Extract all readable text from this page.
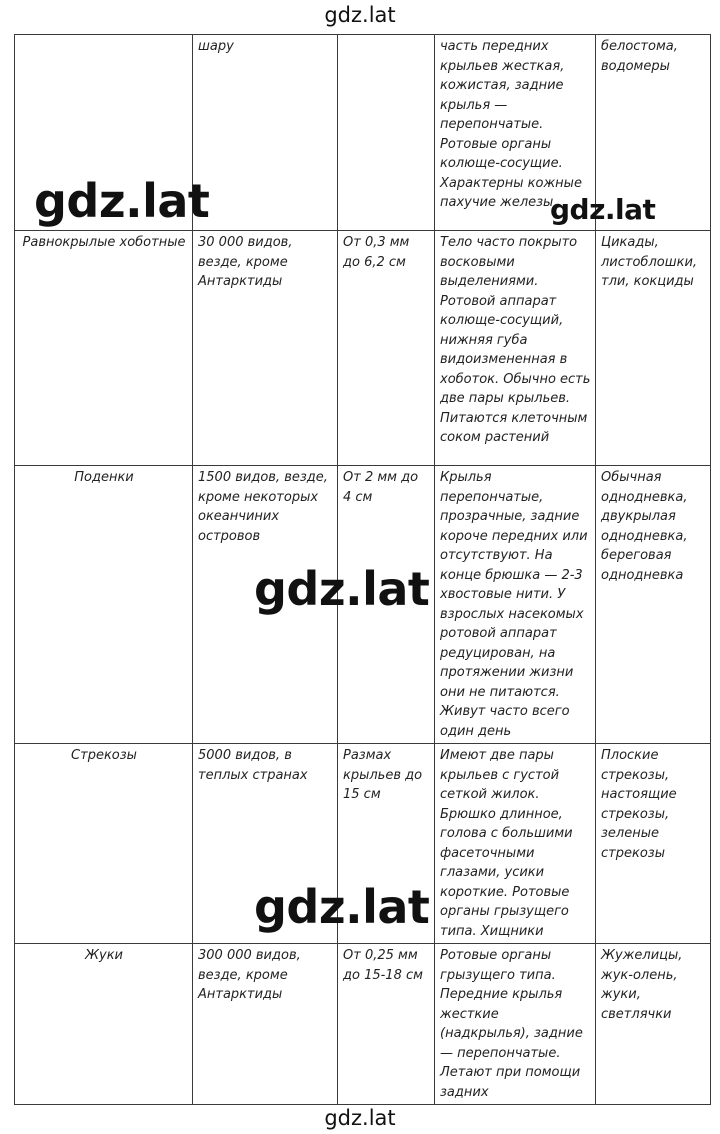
gdz.lat
	шару		часть передних крыльев жесткая, кожистая, задние крылья — перепончатые. Ротовые органы колюще-сосущие. Характерны кожные пахучие железы	белостома, водомеры
Равнокрылые хоботные	30 000 видов, везде, кроме Антарктиды	От 0,3 мм до 6,2 см	Тело часто покрыто восковыми выделениями. Ротовой аппарат колюще-сосущий, нижняя губа видоизмененная в хоботок. Обычно есть две пары крыльев. Питаются клеточным соком растений	Цикады, листоблошки, тли, кокциды
Поденки	1500 видов, везде, кроме некоторых океанчиних островов	От 2 мм до 4 см	Крылья перепончатые, прозрачные, задние короче передних или отсутствуют. На конце брюшка — 2-3 хвостовые нити. У взрослых насекомых ротовой аппарат редуцирован, на протяжении жизни они не питаются. Живут часто всего один день	Обычная однодневка, двукрылая однодневка, береговая однодневка
Стрекозы	5000 видов, в теплых странах	Размах крыльев до 15 см	Имеют две пары крыльев с густой сеткой жилок. Брюшко длинное, голова с большими фасеточными глазами, усики короткие. Ротовые органы грызущего типа. Хищники	Плоские стрекозы, настоящие стрекозы, зеленые стрекозы
Жуки	300 000 видов, везде, кроме Антарктиды	От 0,25 мм до 15-18 см	Ротовые органы грызущего типа. Передние крылья жесткие (надкрылья), задние — перепончатые. Летают при помощи задних	Жужелицы, жук-олень, жуки, светлячки
gdz.lat	gdz.lat
gdz.lat
gdz.lat
gdz.lat
